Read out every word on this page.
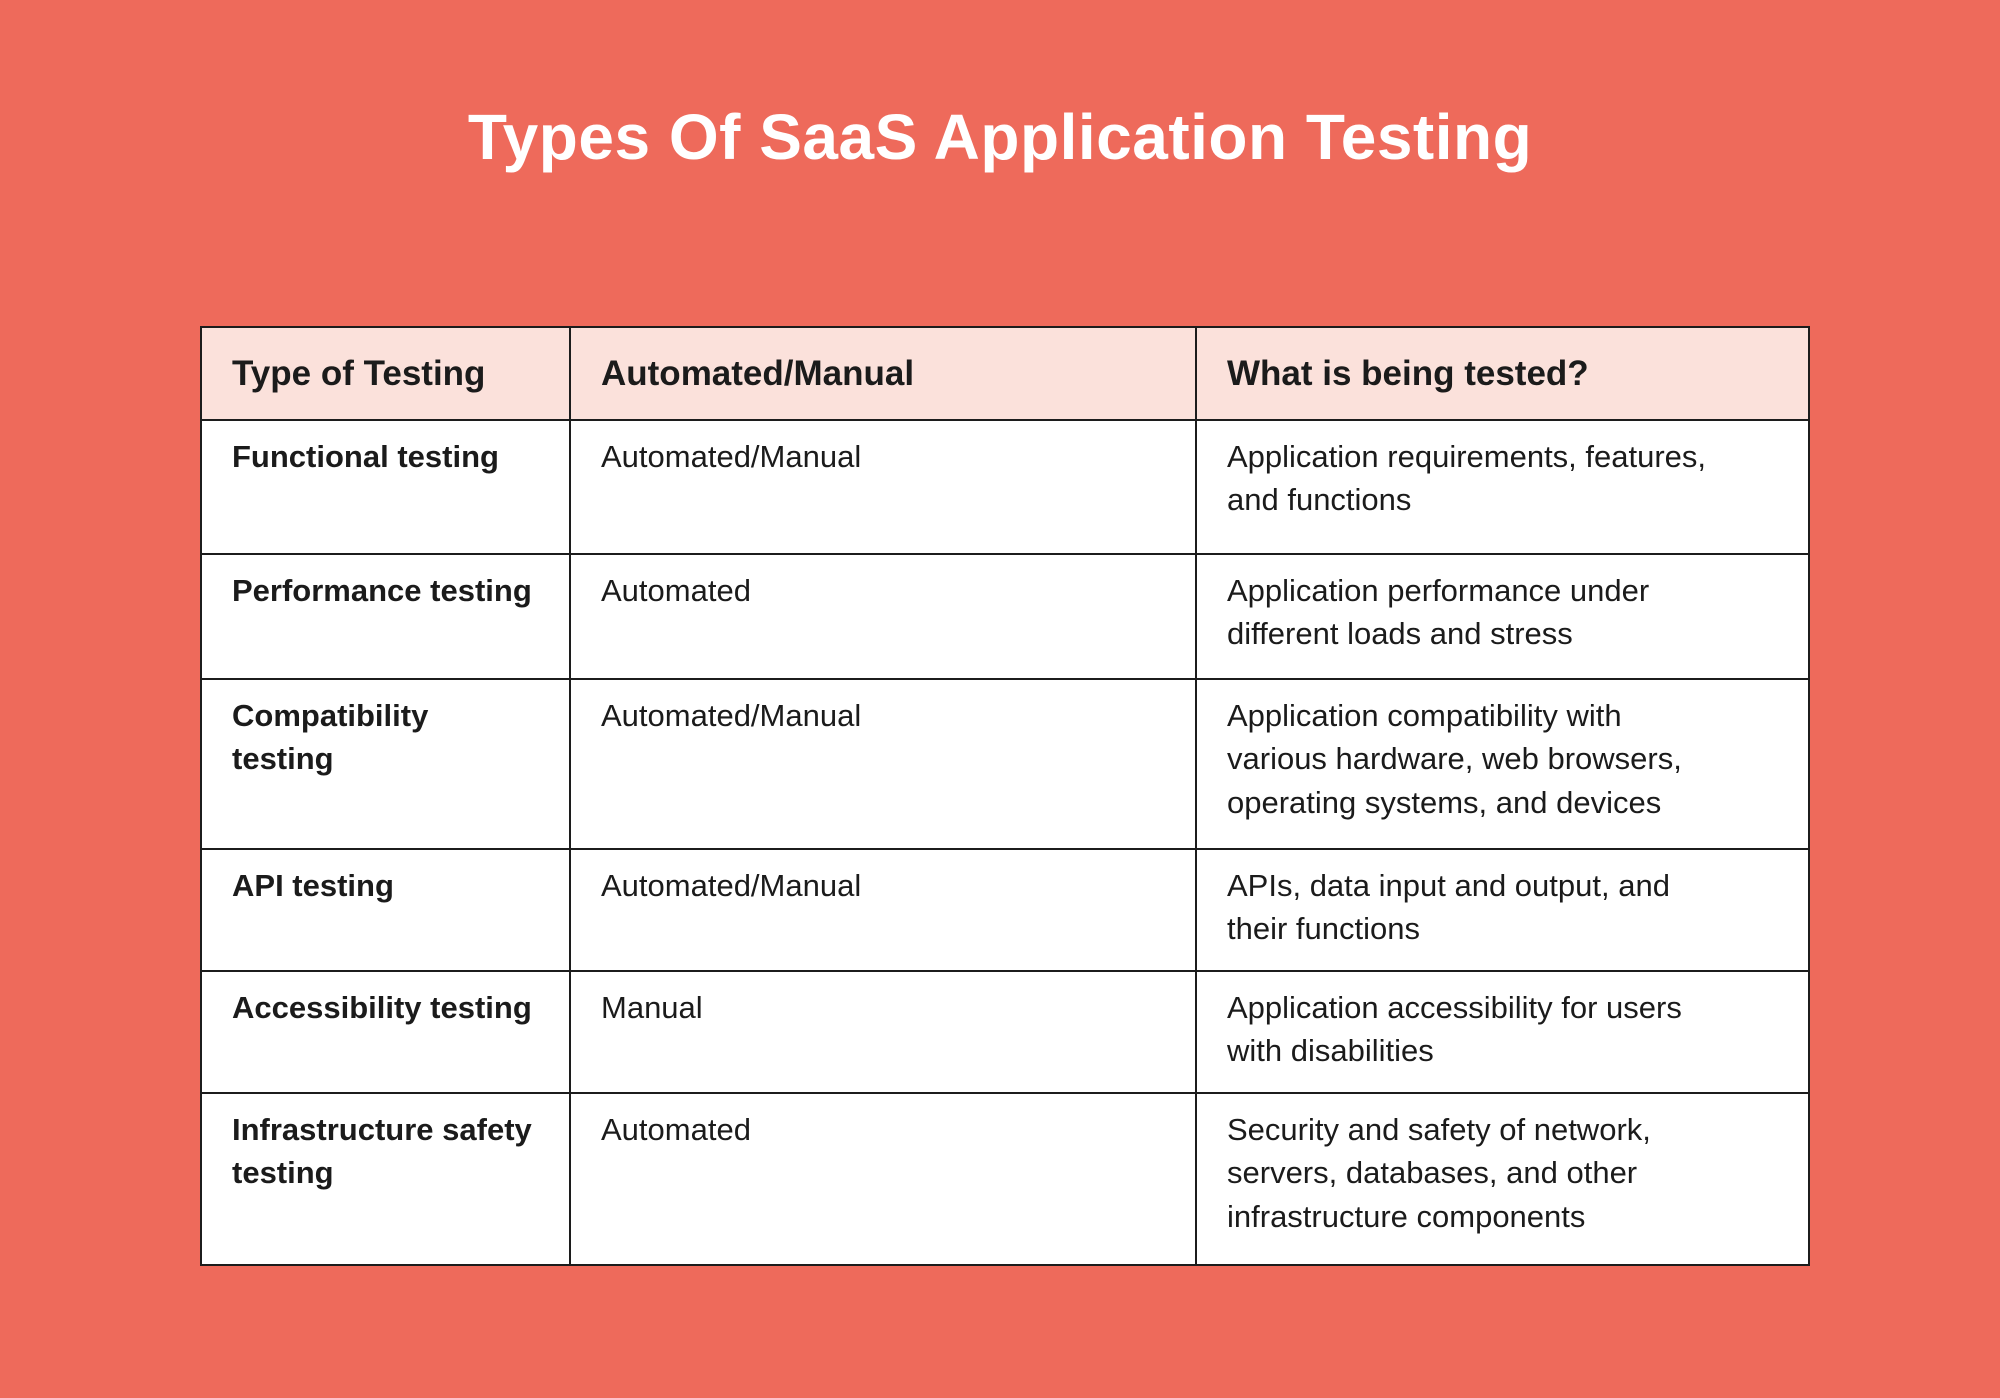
Types Of SaaS Application Testing
Type of Testing	Automated/Manual	What is being tested?

Functional testing	Automated/Manual	Application requirements, features, and functions

Performance testing	Automated	Application performance under different loads and stress

Compatibility testing	Automated/Manual	Application compatibility with various hardware, web browsers, operating systems, and devices

API testing	Automated/Manual	APIs, data input and output, and their functions

Accessibility testing	Manual	Application accessibility for users with disabilities

Infrastructure safety testing	Automated	Security and safety of network, servers, databases, and other infrastructure components
